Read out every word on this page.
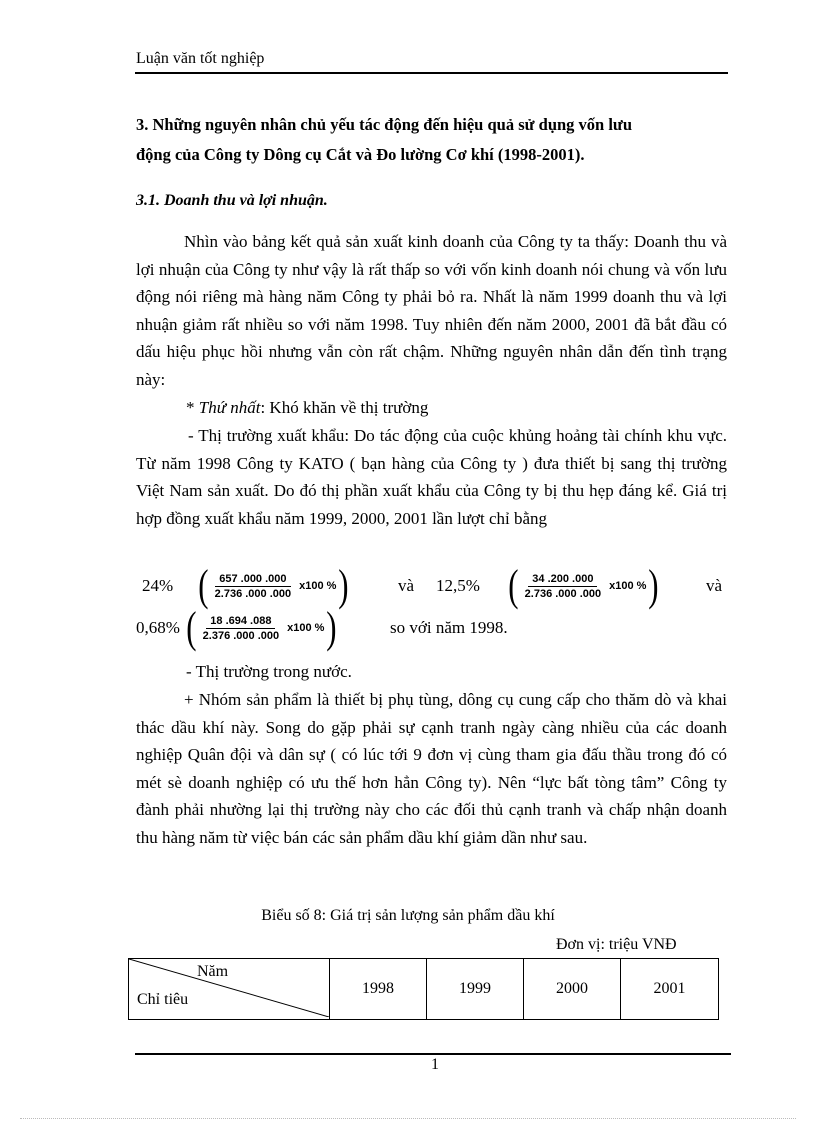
Luận văn tốt nghiệp
3. Những nguyên nhân chủ yếu tác động đến hiệu quả sử dụng vốn lưu
động của Công ty Dông cụ Cắt và Đo lường Cơ khí (1998-2001).
3.1. Doanh thu và lợi nhuận.
Nhìn vào bảng kết quả sản xuất kinh doanh của Công ty ta thấy: Doanh thu và lợi nhuận của Công ty như vậy là rất thấp so với vốn kinh doanh nói chung và vốn lưu động nói riêng mà hàng năm Công ty phải bỏ ra. Nhất là năm 1999 doanh thu và lợi nhuận giảm rất nhiều so với năm 1998. Tuy nhiên đến năm 2000, 2001 đã bắt đầu có dấu hiệu phục hồi nhưng vẫn còn rất chậm. Những nguyên nhân dẫn đến tình trạng này:
* Thứ nhất: Khó khăn về thị trường
- Thị trường xuất khẩu: Do tác động của cuộc khủng hoảng tài chính khu vực. Từ năm 1998 Công ty KATO ( bạn hàng của Công ty ) đưa thiết bị sang thị trường Việt Nam sản xuất. Do đó thị phần xuất khẩu của Công ty bị thu hẹp đáng kể. Giá trị hợp đồng xuất khẩu năm 1999, 2000, 2001 lần lượt chỉ bằng
24% ( $\frac{657 .000 .000}{2.736 .000 .000} x100$ % )	và 12,5% ( $\frac{34 .200 .000}{2.736 .000 .000} x100$ % )	và
0,68% ( $\frac{18 .694 .088}{2.376 .000 .000} x100$ % )	so với năm 1998.
- Thị trường trong nước.
+ Nhóm sản phẩm là thiết bị phụ tùng, dông cụ cung cấp cho thăm dò và khai thác dầu khí này. Song do gặp phải sự cạnh tranh ngày càng nhiều của các doanh nghiệp Quân đội và dân sự ( có lúc tới 9 đơn vị cùng tham gia đấu thầu trong đó có mét sè doanh nghiệp có ưu thế hơn hẳn Công ty). Nên “lực bất tòng tâm” Công ty đành phải nhường lại thị trường này cho các đối thủ cạnh tranh và chấp nhận doanh thu hàng năm từ việc bán các sản phẩm dầu khí giảm dần như sau.
Biểu số 8: Giá trị sản lượng sản phẩm dầu khí
Đơn vị: triệu VNĐ
Năm
Chỉ tiêu
	1998	1999	2000	2001
1
